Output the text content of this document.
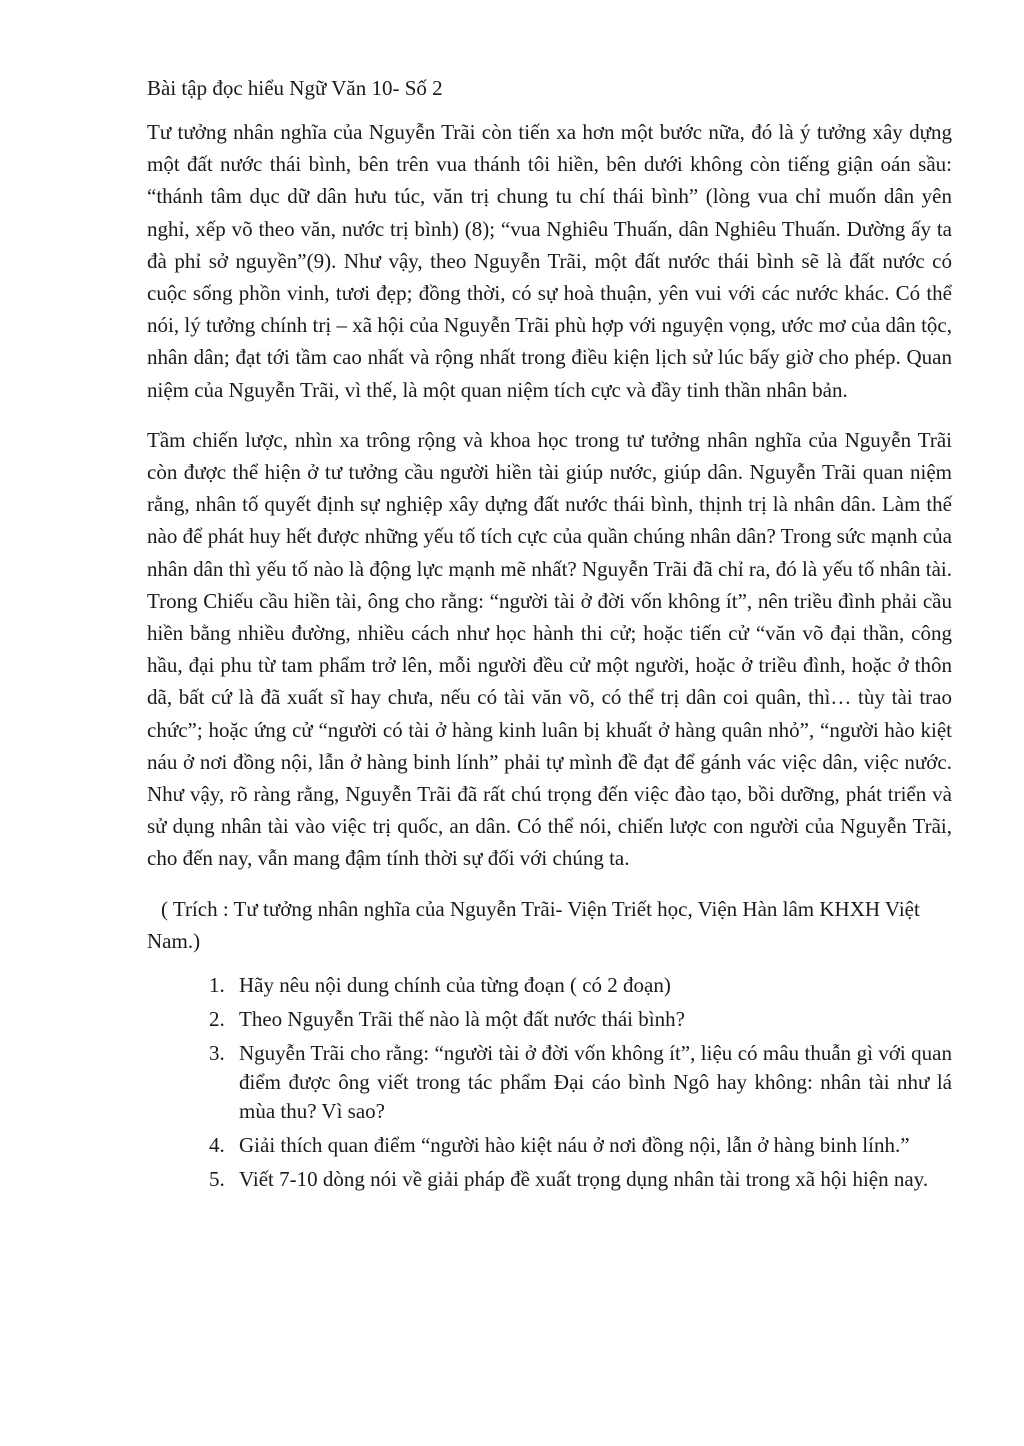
Bài tập đọc hiểu Ngữ Văn 10- Số 2

Tư tưởng nhân nghĩa của Nguyễn Trãi còn tiến xa hơn một bước nữa, đó là ý tưởng xây dựng một đất nước thái bình, bên trên vua thánh tôi hiền, bên dưới không còn tiếng giận oán sầu: “thánh tâm dục dữ dân hưu túc, văn trị chung tu chí thái bình” (lòng vua chỉ muốn dân yên nghỉ, xếp võ theo văn, nước trị bình) (8); “vua Nghiêu Thuấn, dân Nghiêu Thuấn. Dường ấy ta đà phỉ sở nguyền”(9). Như vậy, theo Nguyễn Trãi, một đất nước thái bình sẽ là đất nước có cuộc sống phồn vinh, tươi đẹp; đồng thời, có sự hoà thuận, yên vui với các nước khác. Có thể nói, lý tưởng chính trị – xã hội của Nguyễn Trãi phù hợp với nguyện vọng, ước mơ của dân tộc, nhân dân; đạt tới tầm cao nhất và rộng nhất trong điều kiện lịch sử lúc bấy giờ cho phép. Quan niệm của Nguyễn Trãi, vì thế, là một quan niệm tích cực và đầy tinh thần nhân bản.

Tầm chiến lược, nhìn xa trông rộng và khoa học trong tư tưởng nhân nghĩa của Nguyễn Trãi còn được thể hiện ở tư tưởng cầu người hiền tài giúp nước, giúp dân. Nguyễn Trãi quan niệm rằng, nhân tố quyết định sự nghiệp xây dựng đất nước thái bình, thịnh trị là nhân dân. Làm thế nào để phát huy hết được những yếu tố tích cực của quần chúng nhân dân? Trong sức mạnh của nhân dân thì yếu tố nào là động lực mạnh mẽ nhất? Nguyễn Trãi đã chỉ ra, đó là yếu tố nhân tài. Trong Chiếu cầu hiền tài, ông cho rằng: “người tài ở đời vốn không ít”, nên triều đình phải cầu hiền bằng nhiều đường, nhiều cách như học hành thi cử; hoặc tiến cử “văn võ đại thần, công hầu, đại phu từ tam phẩm trở lên, mỗi người đều cử một người, hoặc ở triều đình, hoặc ở thôn dã, bất cứ là đã xuất sĩ hay chưa, nếu có tài văn võ, có thể trị dân coi quân, thì… tùy tài trao chức”; hoặc ứng cử “người có tài ở hàng kinh luân bị khuất ở hàng quân nhỏ”, “người hào kiệt náu ở nơi đồng nội, lẫn ở hàng binh lính” phải tự mình đề đạt để gánh vác việc dân, việc nước. Như vậy, rõ ràng rằng, Nguyễn Trãi đã rất chú trọng đến việc đào tạo, bồi dưỡng, phát triển và sử dụng nhân tài vào việc trị quốc, an dân. Có thể nói, chiến lược con người của Nguyễn Trãi, cho đến nay, vẫn mang đậm tính thời sự đối với chúng ta.

( Trích : Tư tưởng nhân nghĩa của Nguyễn Trãi- Viện Triết học, Viện Hàn lâm KHXH Việt Nam.)
1. Hãy nêu nội dung chính của từng đoạn ( có 2 đoạn)
2. Theo Nguyễn Trãi thế nào là một đất nước thái bình?
3. Nguyễn Trãi cho rằng: “người tài ở đời vốn không ít”, liệu có mâu thuẫn gì với quan điểm được ông viết trong tác phẩm Đại cáo bình Ngô hay không: nhân tài như lá mùa thu? Vì sao?
4. Giải thích quan điểm “người hào kiệt náu ở nơi đồng nội, lẫn ở hàng binh lính.”
5. Viết 7-10 dòng nói về giải pháp đề xuất trọng dụng nhân tài trong xã hội hiện nay.
